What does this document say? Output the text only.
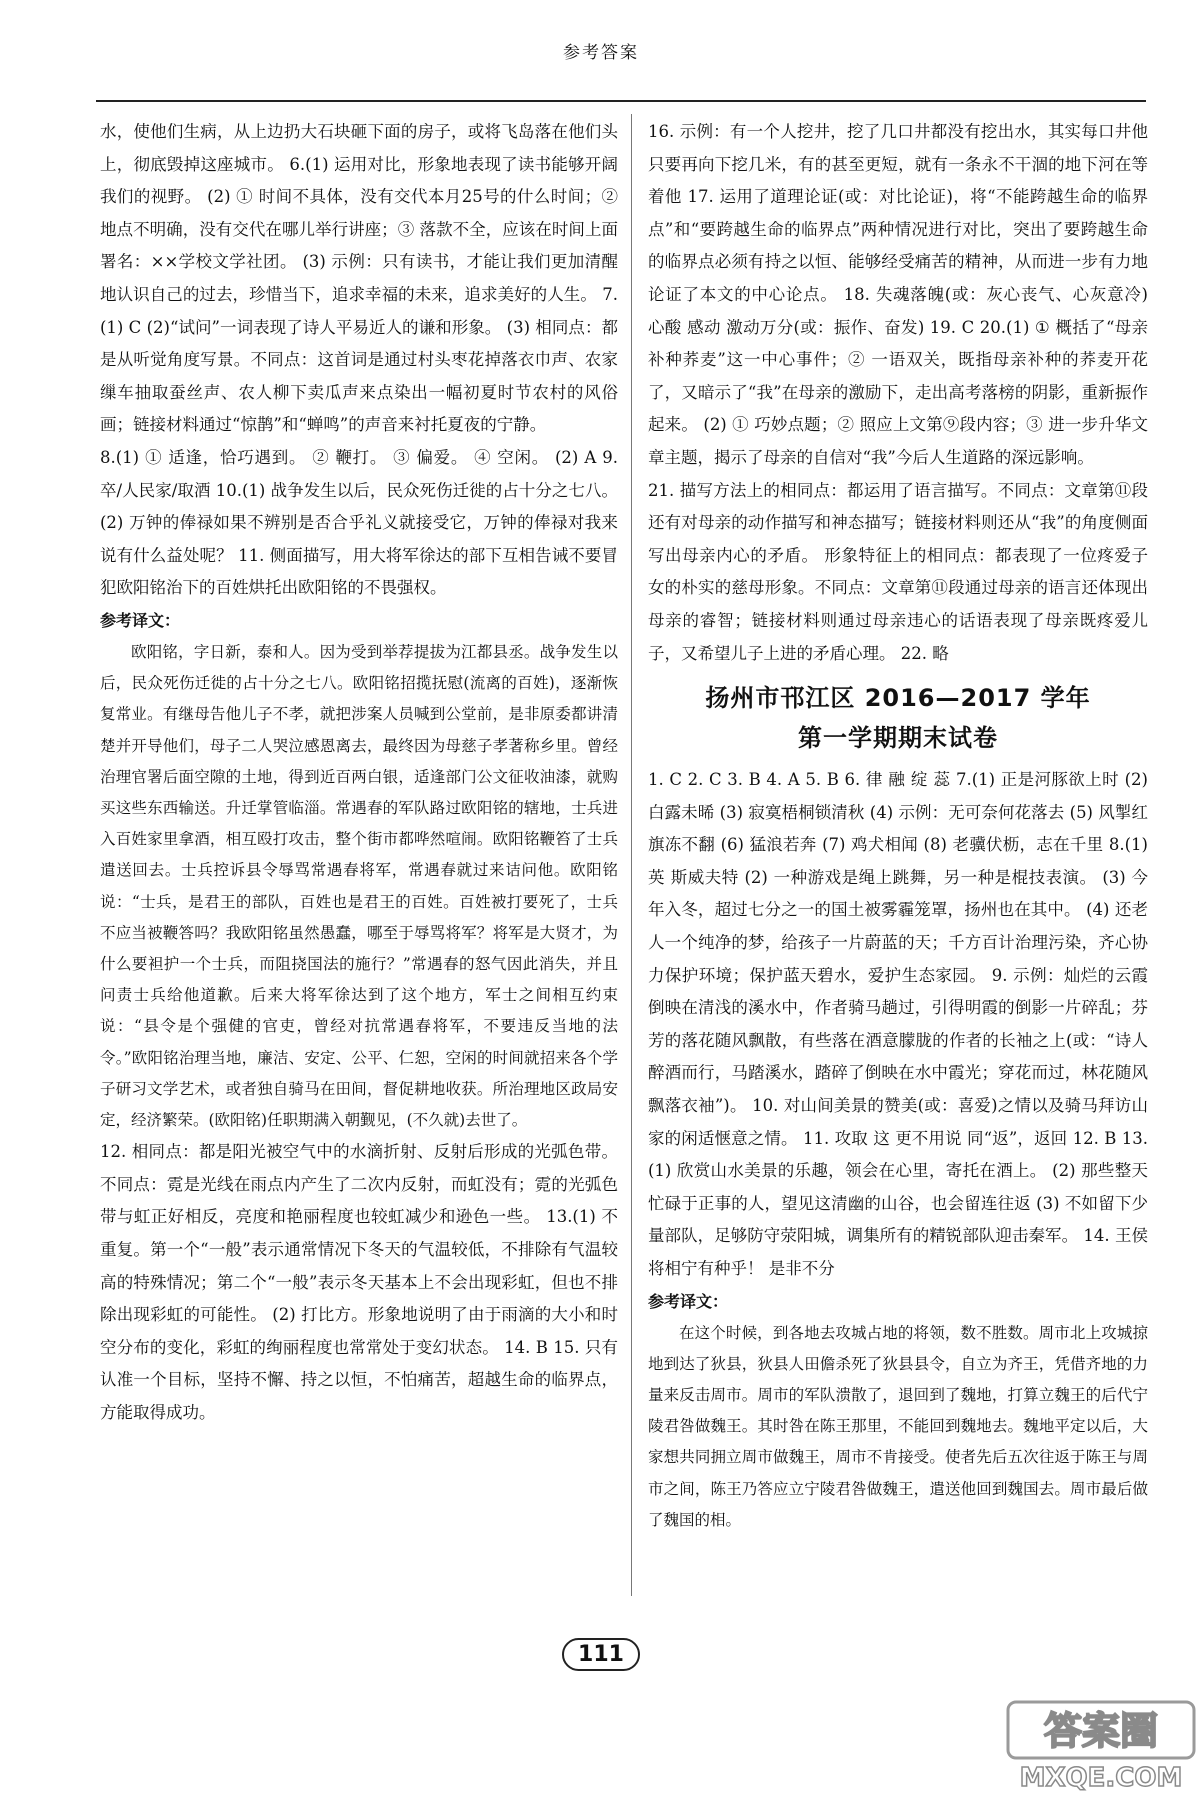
参考答案

水，使他们生病，从上边扔大石块砸下面的房子，或将飞岛落在他们头上，彻底毁掉这座城市。 6.(1) 运用对比，形象地表现了读书能够开阔我们的视野。 (2) ① 时间不具体，没有交代本月25号的什么时间；② 地点不明确，没有交代在哪儿举行讲座；③ 落款不全，应该在时间上面署名：××学校文学社团。 (3) 示例：只有读书，才能让我们更加清醒地认识自己的过去，珍惜当下，追求幸福的未来，追求美好的人生。 7.(1) C (2)“试问”一词表现了诗人平易近人的谦和形象。 (3) 相同点：都是从听觉角度写景。不同点：这首词是通过村头枣花掉落衣巾声、农家缫车抽取蚕丝声、农人柳下卖瓜声来点染出一幅初夏时节农村的风俗画；链接材料通过“惊鹊”和“蝉鸣”的声音来衬托夏夜的宁静。

8.(1) ① 适逢，恰巧遇到。 ② 鞭打。 ③ 偏爱。 ④ 空闲。 (2) A 9. 卒/人民家/取酒 10.(1) 战争发生以后，民众死伤迁徙的占十分之七八。 (2) 万钟的俸禄如果不辨别是否合乎礼义就接受它，万钟的俸禄对我来说有什么益处呢？ 11. 侧面描写，用大将军徐达的部下互相告诫不要冒犯欧阳铭治下的百姓烘托出欧阳铭的不畏强权。

参考译文：

欧阳铭，字日新，泰和人。因为受到举荐提拔为江都县丞。战争发生以后，民众死伤迁徙的占十分之七八。欧阳铭招揽抚慰(流离的百姓)，逐渐恢复常业。有继母告他儿子不孝，就把涉案人员喊到公堂前，是非原委都讲清楚并开导他们，母子二人哭泣感恩离去，最终因为母慈子孝著称乡里。曾经治理官署后面空隙的土地，得到近百两白银，适逢部门公文征收油漆，就购买这些东西输送。升迁掌管临淄。常遇春的军队路过欧阳铭的辖地，士兵进入百姓家里拿酒，相互殴打攻击，整个街市都哗然喧闹。欧阳铭鞭笞了士兵遣送回去。士兵控诉县令辱骂常遇春将军，常遇春就过来诘问他。欧阳铭说：“士兵，是君王的部队，百姓也是君王的百姓。百姓被打要死了，士兵不应当被鞭答吗？我欧阳铭虽然愚蠢，哪至于辱骂将军？将军是大贤才，为什么要袒护一个士兵，而阻挠国法的施行？”常遇春的怒气因此消失，并且问责士兵给他道歉。后来大将军徐达到了这个地方，军士之间相互约束说：“县令是个强健的官吏，曾经对抗常遇春将军，不要违反当地的法令。”欧阳铭治理当地，廉洁、安定、公平、仁恕，空闲的时间就招来各个学子研习文学艺术，或者独自骑马在田间，督促耕地收获。所治理地区政局安定，经济繁荣。(欧阳铭)任职期满入朝觐见，(不久就)去世了。

12. 相同点：都是阳光被空气中的水滴折射、反射后形成的光弧色带。不同点：霓是光线在雨点内产生了二次内反射，而虹没有；霓的光弧色带与虹正好相反，亮度和艳丽程度也较虹减少和逊色一些。 13.(1) 不重复。第一个“一般”表示通常情况下冬天的气温较低，不排除有气温较高的特殊情况；第二个“一般”表示冬天基本上不会出现彩虹，但也不排除出现彩虹的可能性。 (2) 打比方。形象地说明了由于雨滴的大小和时空分布的变化，彩虹的绚丽程度也常常处于变幻状态。 14. B 15. 只有认准一个目标，坚持不懈、持之以恒，不怕痛苦，超越生命的临界点，方能取得成功。

16. 示例：有一个人挖井，挖了几口井都没有挖出水，其实每口井他只要再向下挖几米，有的甚至更短，就有一条永不干涸的地下河在等着他 17. 运用了道理论证(或：对比论证)，将“不能跨越生命的临界点”和“要跨越生命的临界点”两种情况进行对比，突出了要跨越生命的临界点必须有持之以恒、能够经受痛苦的精神，从而进一步有力地论证了本文的中心论点。 18. 失魂落魄(或：灰心丧气、心灰意冷) 心酸 感动 激动万分(或：振作、奋发) 19. C 20.(1) ① 概括了“母亲补种荞麦”这一中心事件；② 一语双关，既指母亲补种的荞麦开花了，又暗示了“我”在母亲的激励下，走出高考落榜的阴影，重新振作起来。 (2) ① 巧妙点题；② 照应上文第⑨段内容；③ 进一步升华文章主题，揭示了母亲的自信对“我”今后人生道路的深远影响。

21. 描写方法上的相同点：都运用了语言描写。不同点：文章第⑪段还有对母亲的动作描写和神态描写；链接材料则还从“我”的角度侧面写出母亲内心的矛盾。 形象特征上的相同点：都表现了一位疼爱子女的朴实的慈母形象。不同点：文章第⑪段通过母亲的语言还体现出母亲的睿智；链接材料则通过母亲违心的话语表现了母亲既疼爱儿子，又希望儿子上进的矛盾心理。 22. 略

扬州市邗江区 2016—2017 学年
第一学期期末试卷

1. C 2. C 3. B 4. A 5. B 6. 律 融 绽 蕊 7.(1) 正是河豚欲上时 (2) 白露未晞 (3) 寂寞梧桐锁清秋 (4) 示例：无可奈何花落去 (5) 风掣红旗冻不翻 (6) 猛浪若奔 (7) 鸡犬相闻 (8) 老骥伏枥，志在千里 8.(1) 英 斯威夫特 (2) 一种游戏是绳上跳舞，另一种是棍技表演。 (3) 今年入冬，超过七分之一的国土被雾霾笼罩，扬州也在其中。 (4) 还老人一个纯净的梦，给孩子一片蔚蓝的天；千方百计治理污染，齐心协力保护环境；保护蓝天碧水，爱护生态家园。 9. 示例：灿烂的云霞倒映在清浅的溪水中，作者骑马趟过，引得明霞的倒影一片碎乱；芬芳的落花随风飘散，有些落在酒意朦胧的作者的长袖之上(或：“诗人醉酒而行，马踏溪水，踏碎了倒映在水中霞光；穿花而过，林花随风飘落衣袖”)。 10. 对山间美景的赞美(或：喜爱)之情以及骑马拜访山家的闲适惬意之情。 11. 攻取 这 更不用说 同“返”，返回 12. B 13.(1) 欣赏山水美景的乐趣，领会在心里，寄托在酒上。 (2) 那些整天忙碌于正事的人，望见这清幽的山谷，也会留连往返 (3) 不如留下少量部队，足够防守荥阳城，调集所有的精锐部队迎击秦军。 14. 王侯将相宁有种乎！ 是非不分

参考译文：

在这个时候，到各地去攻城占地的将领，数不胜数。周市北上攻城掠地到达了狄县，狄县人田儋杀死了狄县县令，自立为齐王，凭借齐地的力量来反击周市。周市的军队溃散了，退回到了魏地，打算立魏王的后代宁陵君咎做魏王。其时咎在陈王那里，不能回到魏地去。魏地平定以后，大家想共同拥立周市做魏王，周市不肯接受。使者先后五次往返于陈王与周市之间，陈王乃答应立宁陵君咎做魏王，遣送他回到魏国去。周市最后做了魏国的相。

111
答案圈
MXQE.COM
